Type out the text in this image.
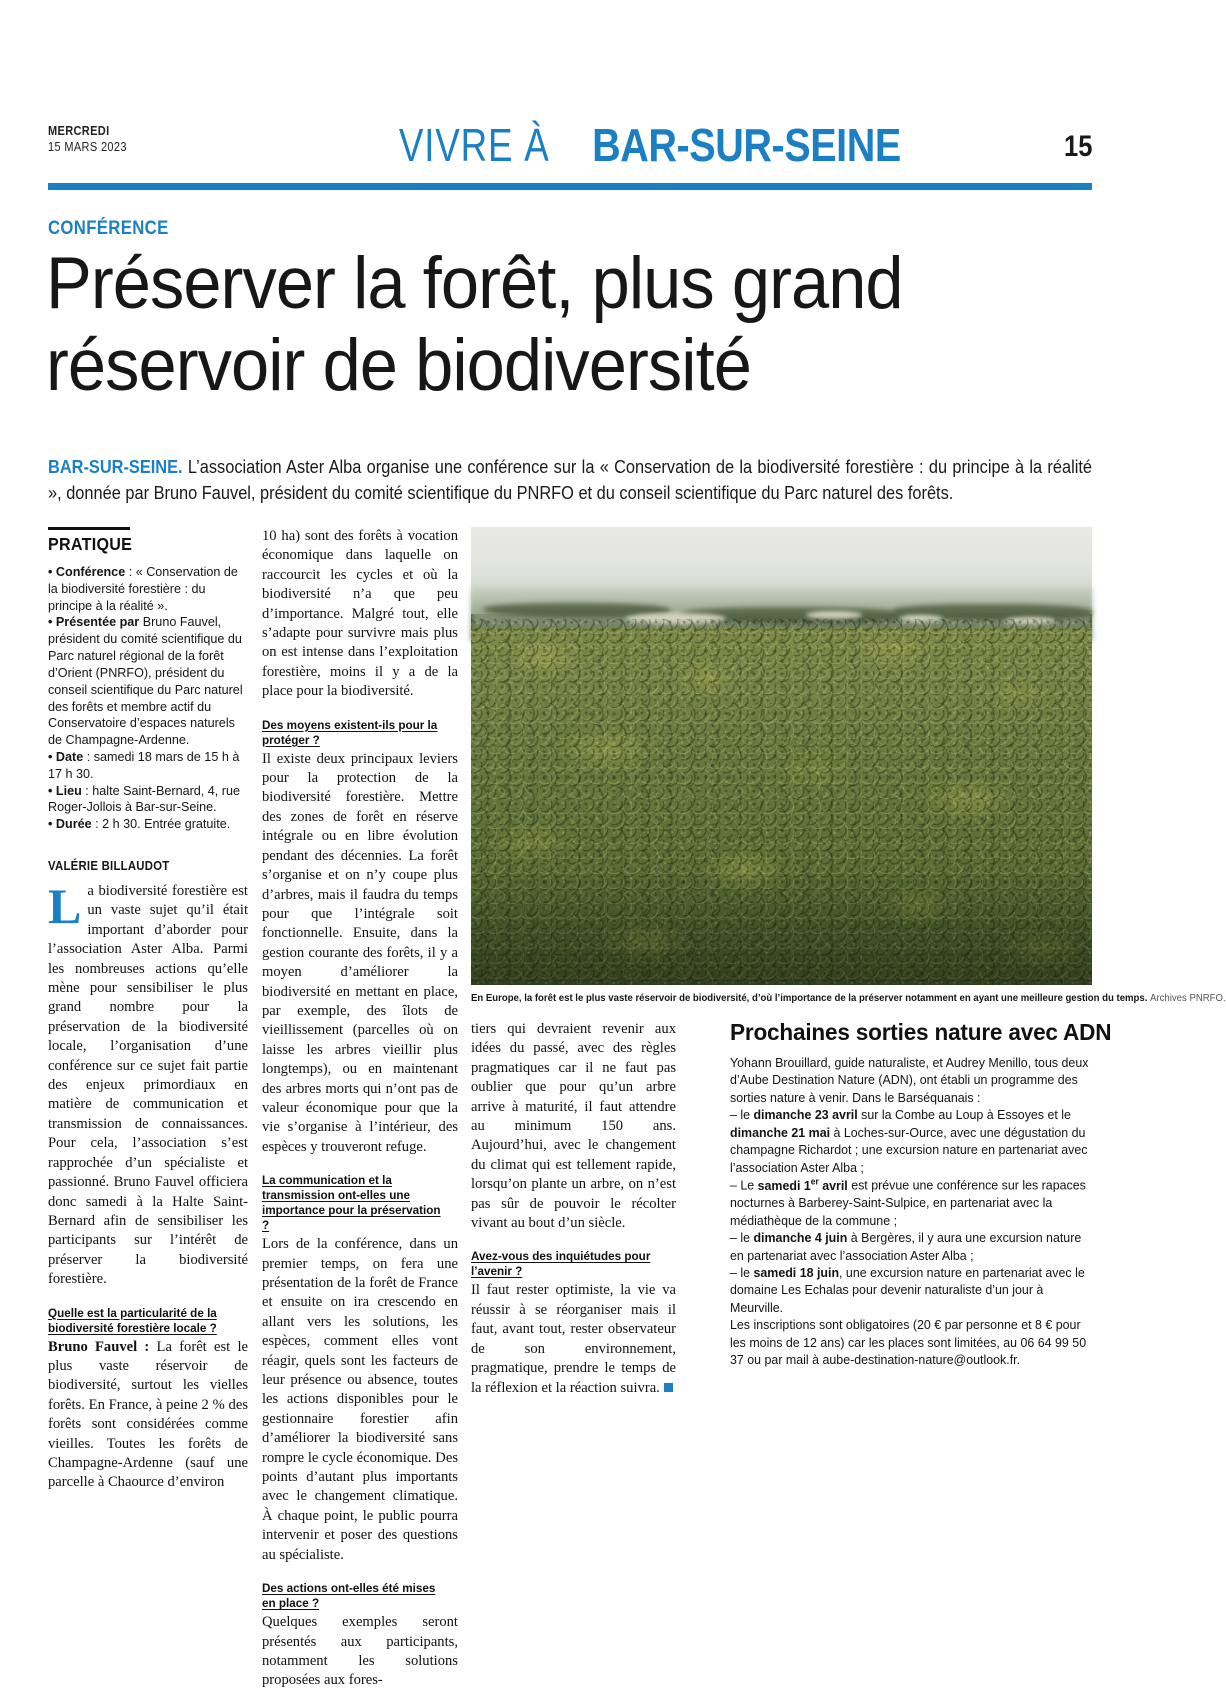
MERCREDI
15 MARS 2023	VIVRE À BAR-SUR-SEINE	15
CONFÉRENCE
Préserver la forêt, plus grand
réservoir de biodiversité
BAR-SUR-SEINE. L’association Aster Alba organise une conférence sur la « Conservation de la biodiversité forestière : du principe à la réalité », donnée par Bruno Fauvel, président du comité scientifique du PNRFO et du conseil scientifique du Parc naturel des forêts.
PRATIQUE

• Conférence : « Conservation de la biodiversité forestière : du principe à la réalité ».

• Présentée par Bruno Fauvel, président du comité scientifique du Parc naturel régional de la forêt d’Orient (PNRFO), président du conseil scientifique du Parc naturel des forêts et membre actif du Conservatoire d’espaces naturels de Champagne-Ardenne.

• Date : samedi 18 mars de 15 h à 17 h 30.

• Lieu : halte Saint-Bernard, 4, rue Roger-Jollois à Bar-sur-Seine.

• Durée : 2 h 30. Entrée gratuite.

VALÉRIE BILLAUDOT

La biodiversité forestière est un vaste sujet qu’il était important d’aborder pour l’association Aster Alba. Parmi les nombreuses actions qu’elle mène pour sensibiliser le plus grand nombre pour la préservation de la biodiversité locale, l’organisation d’une conférence sur ce sujet fait partie des enjeux primordiaux en matière de communication et transmission de connaissances. Pour cela, l’association s’est rapprochée d’un spécialiste et passionné. Bruno Fauvel officiera donc samedi à la Halte Saint-Bernard afin de sensibiliser les participants sur l’intérêt de préserver la biodiversité forestière.

Quelle est la particularité de la biodiversité forestière locale ?

Bruno Fauvel : La forêt est le plus vaste réservoir de biodiversité, surtout les vielles forêts. En France, à peine 2 % des forêts sont considérées comme vieilles. Toutes les forêts de Champagne-Ardenne (sauf une parcelle à Chaource d’environ

10 ha) sont des forêts à vocation économique dans laquelle on raccourcit les cycles et où la biodiversité n’a que peu d’importance. Malgré tout, elle s’adapte pour survivre mais plus on est intense dans l’exploitation forestière, moins il y a de la place pour la biodiversité.

Des moyens existent-ils pour la protéger ?

Il existe deux principaux leviers pour la protection de la biodiversité forestière. Mettre des zones de forêt en réserve intégrale ou en libre évolution pendant des décennies. La forêt s’organise et on n’y coupe plus d’arbres, mais il faudra du temps pour que l’intégrale soit fonctionnelle. Ensuite, dans la gestion courante des forêts, il y a moyen d’améliorer la biodiversité en mettant en place, par exemple, des îlots de vieillissement (parcelles où on laisse les arbres vieillir plus longtemps), ou en maintenant des arbres morts qui n’ont pas de valeur économique pour que la vie s’organise à l’intérieur, des espèces y trouveront refuge.

La communication et la transmission ont-elles une importance pour la préservation ?

Lors de la conférence, dans un premier temps, on fera une présentation de la forêt de France et ensuite on ira crescendo en allant vers les solutions, les espèces, comment elles vont réagir, quels sont les facteurs de leur présence ou absence, toutes les actions disponibles pour le gestionnaire forestier afin d’améliorer la biodiversité sans rompre le cycle économique. Des points d’autant plus importants avec le changement climatique. À chaque point, le public pourra intervenir et poser des questions au spécialiste.

Des actions ont-elles été mises en place ?

Quelques exemples seront présentés aux participants, notamment les solutions proposées aux fores-

En Europe, la forêt est le plus vaste réservoir de biodiversité, d’où l’importance de la préserver notamment en ayant une meilleure gestion du temps. Archives PNRFO.

tiers qui devraient revenir aux idées du passé, avec des règles pragmatiques car il ne faut pas oublier que pour qu’un arbre arrive à maturité, il faut attendre au minimum 150 ans. Aujourd’hui, avec le changement du climat qui est tellement rapide, lorsqu’on plante un arbre, on n’est pas sûr de pouvoir le récolter vivant au bout d’un siècle.

Avez-vous des inquiétudes pour l’avenir ?

Il faut rester optimiste, la vie va réussir à se réorganiser mais il faut, avant tout, rester observateur de son environnement, pragmatique, prendre le temps de la réflexion et la réaction suivra.

Prochaines sorties nature avec ADN

Yohann Brouillard, guide naturaliste, et Audrey Menillo, tous deux d’Aube Destination Nature (ADN), ont établi un programme des sorties nature à venir. Dans le Barséquanais :

– le dimanche 23 avril sur la Combe au Loup à Essoyes et le dimanche 21 mai à Loches-sur-Ource, avec une dégustation du champagne Richardot ; une excursion nature en partenariat avec l’association Aster Alba ;

– Le samedi 1er avril est prévue une conférence sur les rapaces nocturnes à Barberey-Saint-Sulpice, en partenariat avec la médiathèque de la commune ;

– le dimanche 4 juin à Bergères, il y aura une excursion nature en partenariat avec l’association Aster Alba ;

– le samedi 18 juin, une excursion nature en partenariat avec le domaine Les Echalas pour devenir naturaliste d’un jour à Meurville.

Les inscriptions sont obligatoires (20 € par personne et 8 € pour les moins de 12 ans) car les places sont limitées, au 06 64 99 50 37 ou par mail à aube-destination-nature@outlook.fr.
